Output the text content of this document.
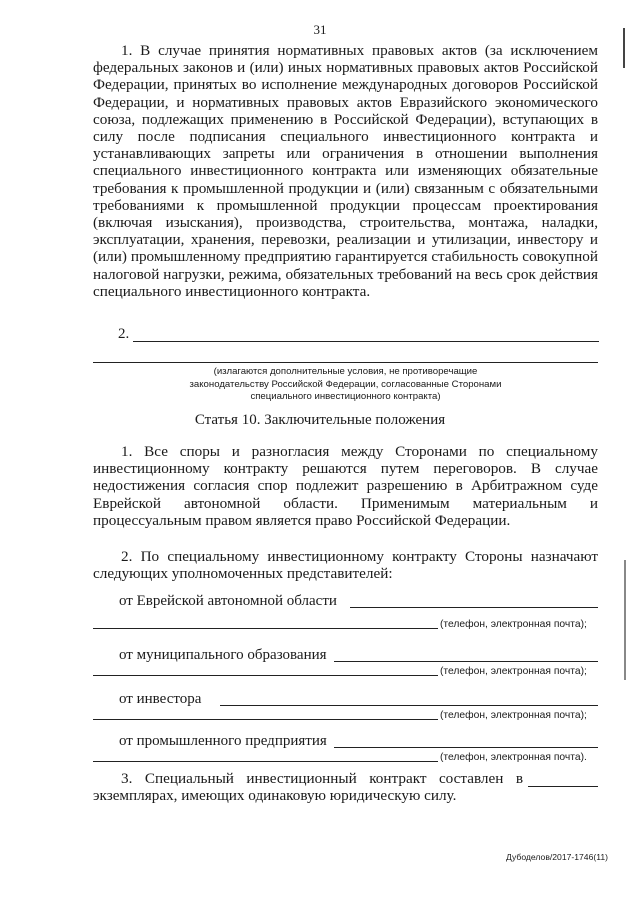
31
1. В случае принятия нормативных правовых актов (за исключением
федеральных законов и (или) иных нормативных правовых актов Российской
Федерации, принятых во исполнение международных договоров Российской
Федерации, и нормативных правовых актов Евразийского экономического
союза, подлежащих применению в Российской Федерации), вступающих в
силу после подписания специального инвестиционного контракта и
устанавливающих запреты или ограничения в отношении выполнения
специального инвестиционного контракта или изменяющих обязательные
требования к промышленной продукции и (или) связанным с обязательными
требованиями к промышленной продукции процессам проектирования
(включая изыскания), производства, строительства, монтажа, наладки,
эксплуатации, хранения, перевозки, реализации и утилизации, инвестору и
(или) промышленному предприятию гарантируется стабильность совокупной
налоговой нагрузки, режима, обязательных требований на весь срок действия
специального инвестиционного контракта.
2.
(излагаются дополнительные условия, не противоречащие
законодательству Российской Федерации, согласованные Сторонами
специального инвестиционного контракта)
Статья 10. Заключительные положения
1. Все споры и разногласия между Сторонами по специальному
инвестиционному контракту решаются путем переговоров. В случае
недостижения согласия спор подлежит разрешению в Арбитражном суде
Еврейской автономной области. Применимым материальным и
процессуальным правом является право Российской Федерации.
2. По специальному инвестиционному контракту Стороны назначают
следующих уполномоченных представителей:
от Еврейской автономной области
(телефон, электронная почта);
от муниципального образования
(телефон, электронная почта);
от инвестора
(телефон, электронная почта);
от промышленного предприятия
(телефон, электронная почта).
3. Специальный инвестиционный контракт составлен в
экземплярах, имеющих одинаковую юридическую силу.
Дубоделов/2017-1746(11)
